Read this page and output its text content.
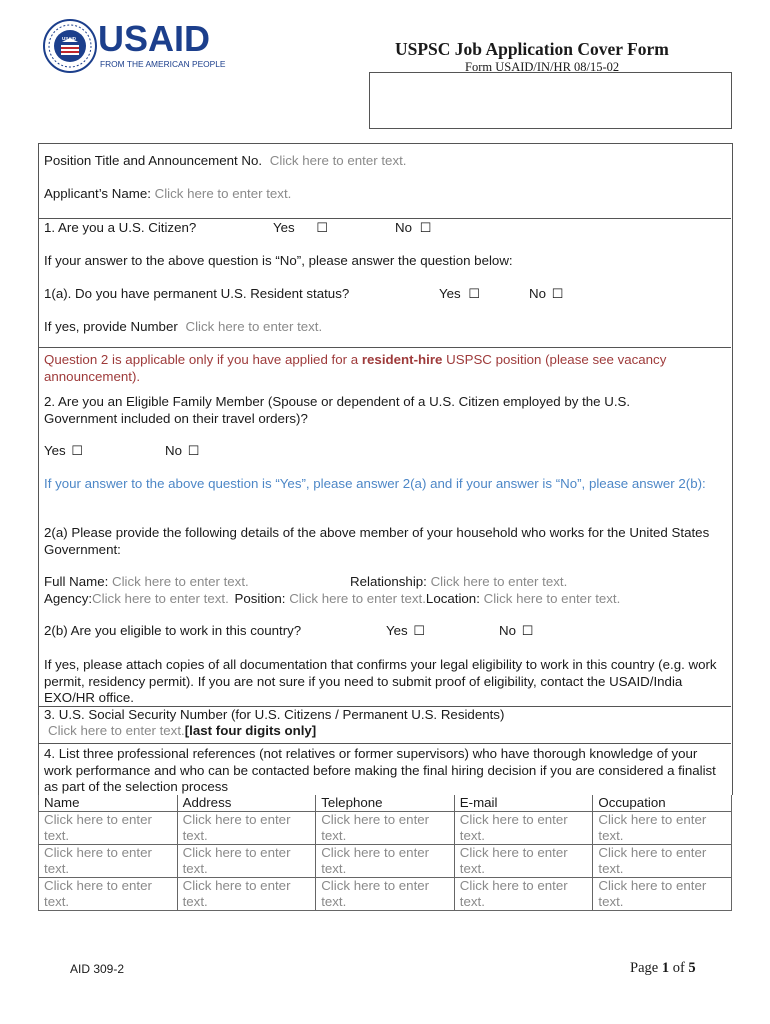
USAID USAID
FROM THE AMERICAN PEOPLE
USPSC Job Application Cover Form
Form USAID/IN/HR 08/15-02
Position Title and Announcement No. Click here to enter text.
Applicant’s Name: Click here to enter text.
1. Are you a U.S. Citizen?	Yes ☐	No ☐
If your answer to the above question is “No”, please answer the question below:
1(a). Do you have permanent U.S. Resident status?	Yes ☐	No ☐
If yes, provide Number Click here to enter text.
Question 2 is applicable only if you have applied for a resident-hire USPSC position (please see vacancy announcement).
2. Are you an Eligible Family Member (Spouse or dependent of a U.S. Citizen employed by the U.S. Government included on their travel orders)?
Yes ☐	No ☐
If your answer to the above question is “Yes”, please answer 2(a) and if your answer is “No”, please answer 2(b):
2(a) Please provide the following details of the above member of your household who works for the United States Government:
Full Name: Click here to enter text.	Relationship: Click here to enter text.
Agency:Click here to enter text. Position: Click here to enter text.Location: Click here to enter text.
2(b) Are you eligible to work in this country?	Yes ☐	No ☐
If yes, please attach copies of all documentation that confirms your legal eligibility to work in this country (e.g. work permit, residency permit). If you are not sure if you need to submit proof of eligibility, contact the USAID/India EXO/HR office.
3. U.S. Social Security Number (for U.S. Citizens / Permanent U.S. Residents)
Click here to enter text.[last four digits only]
4. List three professional references (not relatives or former supervisors) who have thorough knowledge of your work performance and who can be contacted before making the final hiring decision if you are considered a finalist as part of the selection process
Name	Address	Telephone	E-mail	Occupation
Click here to enter text.	Click here to enter text.	Click here to enter text.	Click here to enter text.	Click here to enter text.
Click here to enter text.	Click here to enter text.	Click here to enter text.	Click here to enter text.	Click here to enter text.
Click here to enter text.	Click here to enter text.	Click here to enter text.	Click here to enter text.	Click here to enter text.
AID 309-2	Page 1 of 5
